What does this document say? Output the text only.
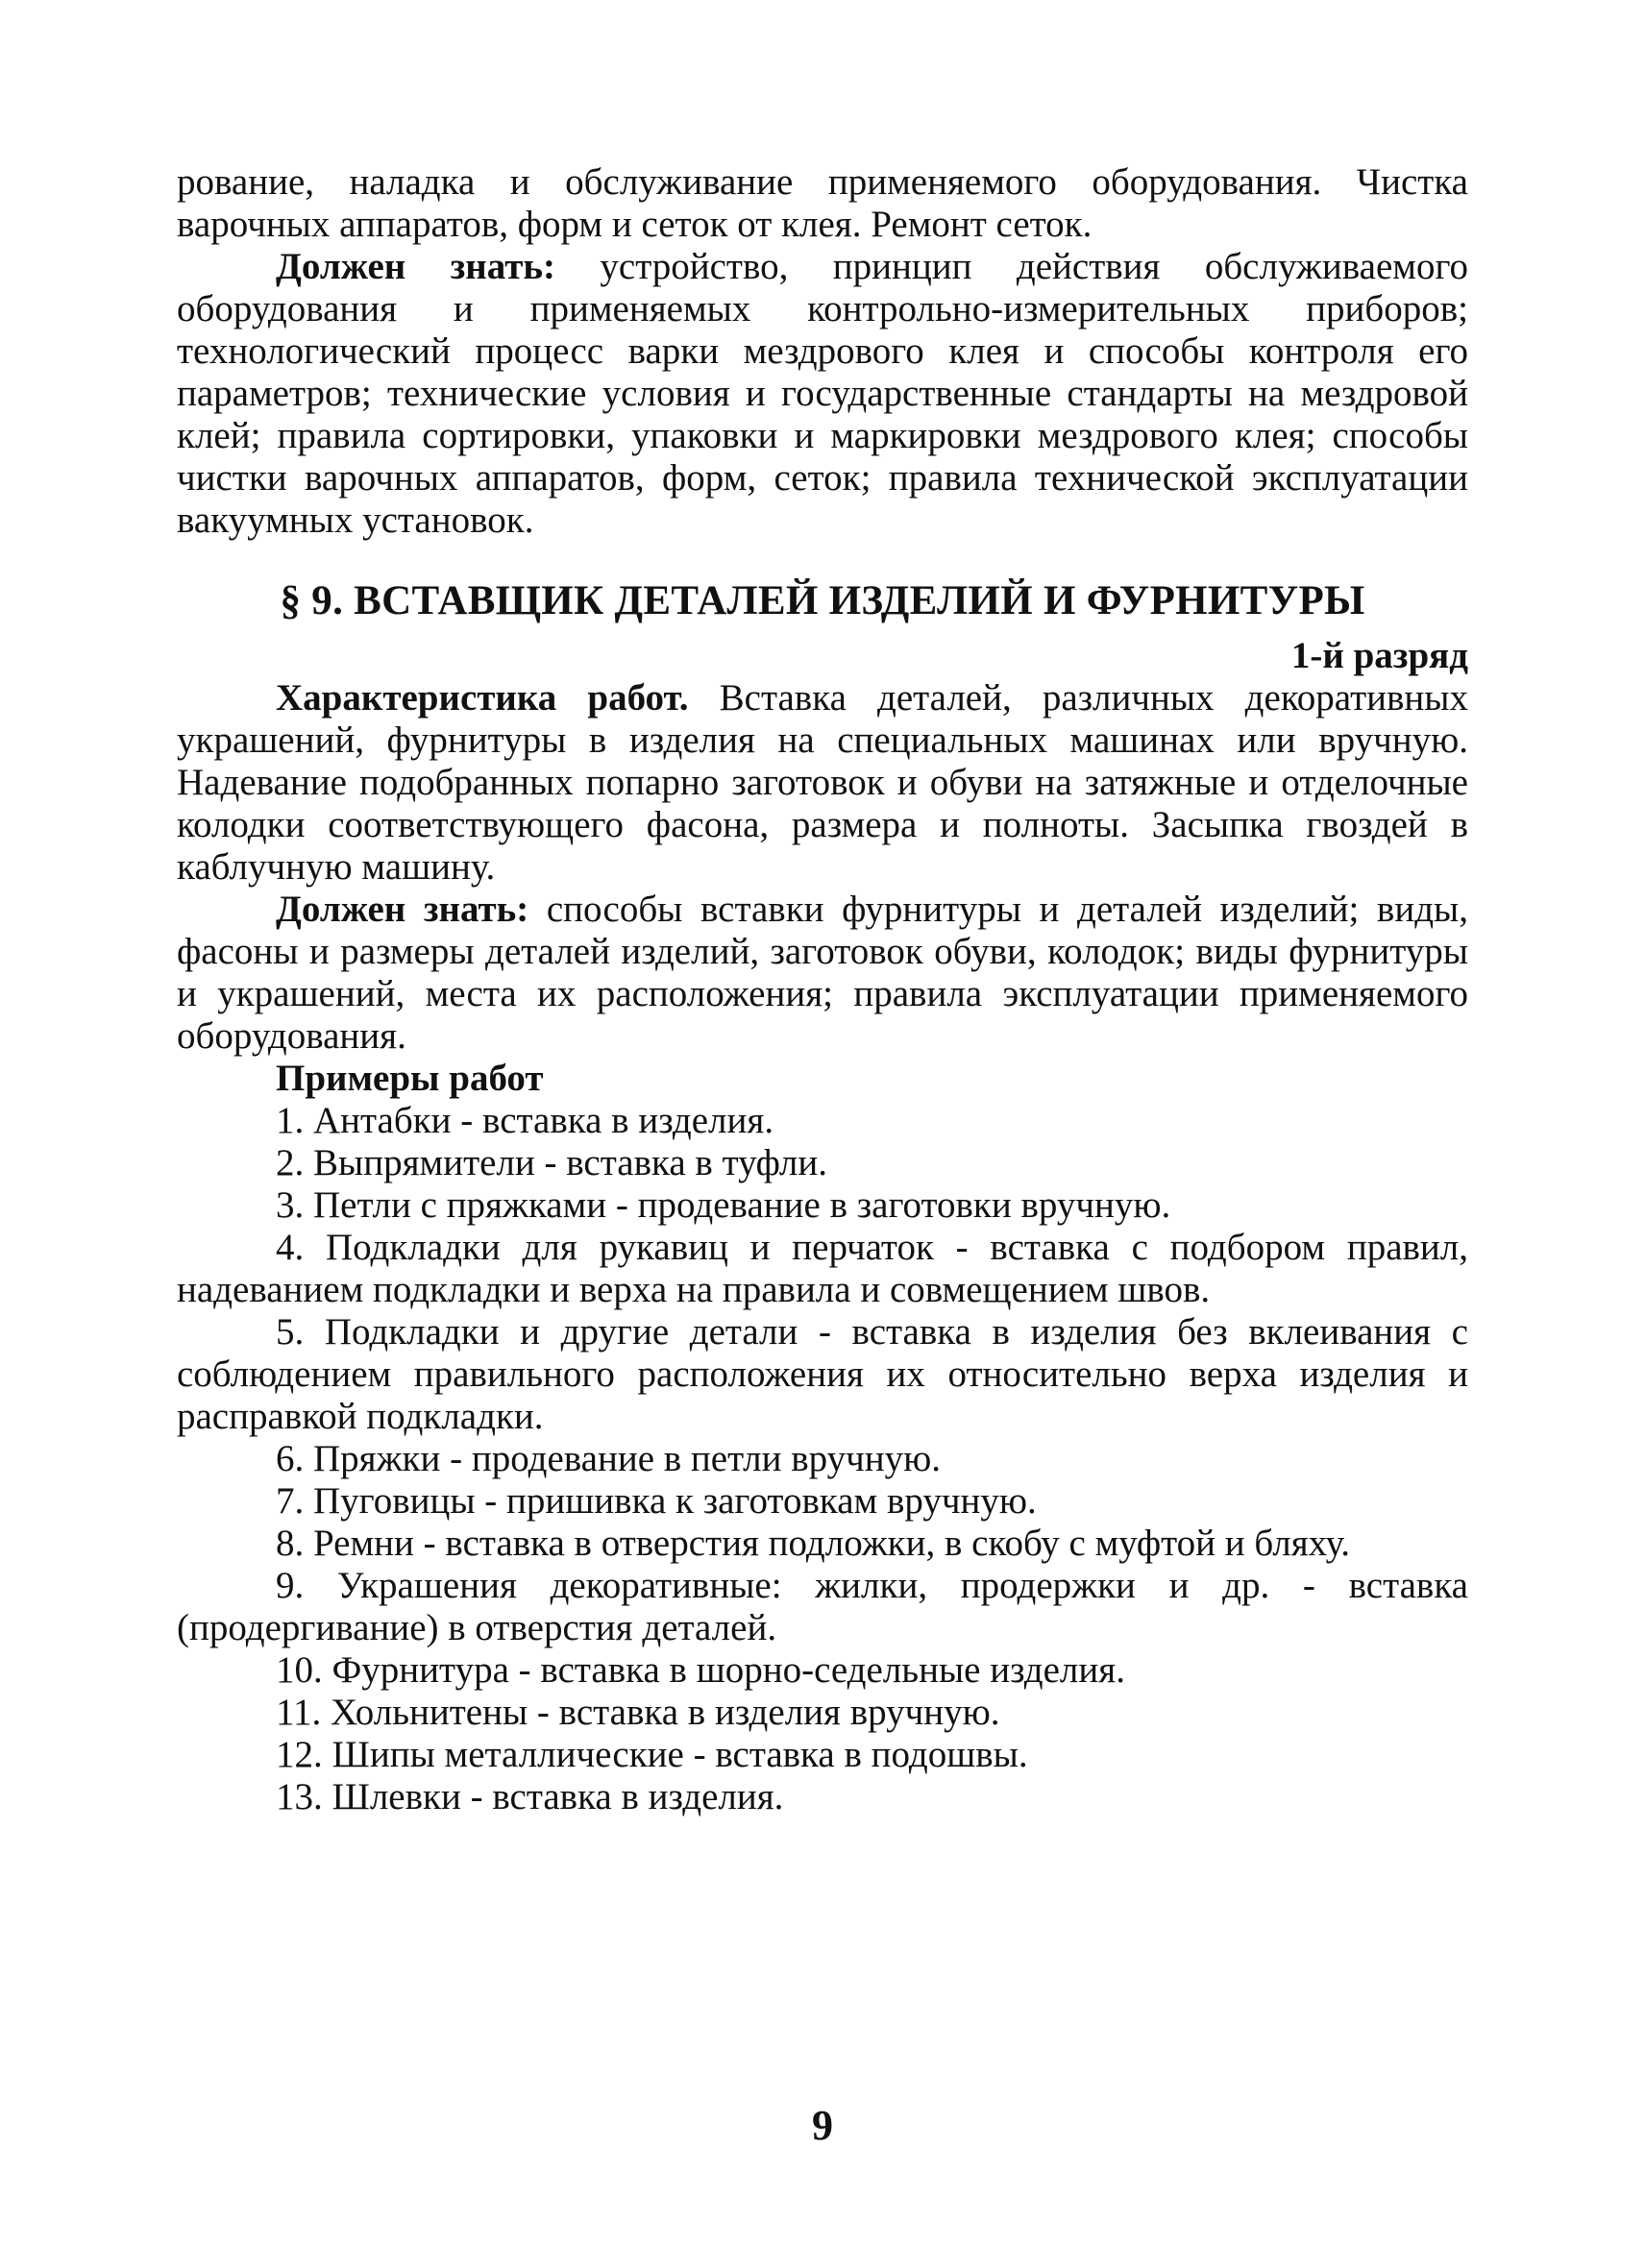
рование, наладка и обслуживание применяемого оборудования. Чистка варочных аппаратов, форм и сеток от клея. Ремонт сеток.

Должен знать: устройство, принцип действия обслуживаемого оборудования и применяемых контрольно-измерительных приборов; технологический процесс варки мездрового клея и способы контроля его параметров; технические условия и государственные стандарты на мездровой клей; правила сортировки, упаковки и маркировки мездрового клея; способы чистки варочных аппаратов, форм, сеток; правила технической эксплуатации вакуумных установок.

§ 9. ВСТАВЩИК ДЕТАЛЕЙ ИЗДЕЛИЙ И ФУРНИТУРЫ
1-й разряд

Характеристика работ. Вставка деталей, различных декоративных украшений, фурнитуры в изделия на специальных машинах или вручную. Надевание подобранных попарно заготовок и обуви на затяжные и отделочные колодки соответствующего фасона, размера и полноты. Засыпка гвоздей в каблучную машину.

Должен знать: способы вставки фурнитуры и деталей изделий; виды, фасоны и размеры деталей изделий, заготовок обуви, колодок; виды фурнитуры и украшений, места их расположения; правила эксплуатации применяемого оборудования.

Примеры работ
1. Антабки - вставка в изделия.
2. Выпрямители - вставка в туфли.
3. Петли с пряжками - продевание в заготовки вручную.
4. Подкладки для рукавиц и перчаток - вставка с подбором правил, надеванием подкладки и верха на правила и совмещением швов.
5. Подкладки и другие детали - вставка в изделия без вклеивания с соблюдением правильного расположения их относительно верха изделия и расправкой подкладки.
6. Пряжки - продевание в петли вручную.
7. Пуговицы - пришивка к заготовкам вручную.
8. Ремни - вставка в отверстия подложки, в скобу с муфтой и бляху.
9. Украшения декоративные: жилки, продержки и др. - вставка (продергивание) в отверстия деталей.
10. Фурнитура - вставка в шорно-седельные изделия.
11. Хольнитены - вставка в изделия вручную.
12. Шипы металлические - вставка в подошвы.
13. Шлевки - вставка в изделия.
9
